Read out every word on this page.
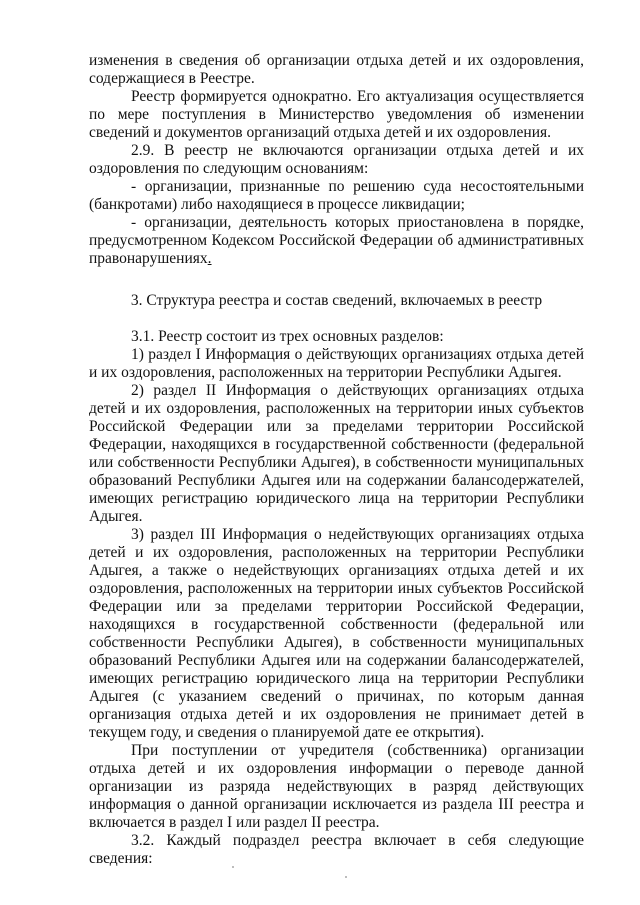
изменения в сведения об организации отдыха детей и их оздоровления, содержащиеся в Реестре.

Реестр формируется однократно. Его актуализация осуществляется по мере поступления в Министерство уведомления об изменении сведений и документов организаций отдыха детей и их оздоровления.

2.9. В реестр не включаются организации отдыха детей и их оздоровления по следующим основаниям:

- организации, признанные по решению суда несостоятельными (банкротами) либо находящиеся в процессе ликвидации;

- организации, деятельность которых приостановлена в порядке, предусмотренном Кодексом Российской Федерации об административных правонарушениях.

3. Структура реестра и состав сведений, включаемых в реестр

3.1. Реестр состоит из трех основных разделов:

1) раздел I Информация о действующих организациях отдыха детей и их оздоровления, расположенных на территории Республики Адыгея.

2) раздел II Информация о действующих организациях отдыха детей и их оздоровления, расположенных на территории иных субъектов Российской Федерации или за пределами территории Российской Федерации, находящихся в государственной собственности (федеральной или собственности Республики Адыгея), в собственности муниципальных образований Республики Адыгея или на содержании балансодержателей, имеющих регистрацию юридического лица на территории Республики Адыгея.

3) раздел III Информация о недействующих организациях отдыха детей и их оздоровления, расположенных на территории Республики Адыгея, а также о недействующих организациях отдыха детей и их оздоровления, расположенных на территории иных субъектов Российской Федерации или за пределами территории Российской Федерации, находящихся в государственной собственности (федеральной или собственности Республики Адыгея), в собственности муниципальных образований Республики Адыгея или на содержании балансодержателей, имеющих регистрацию юридического лица на территории Республики Адыгея (с указанием сведений о причинах, по которым данная организация отдыха детей и их оздоровления не принимает детей в текущем году, и сведения о планируемой дате ее открытия).

При поступлении от учредителя (собственника) организации отдыха детей и их оздоровления информации о переводе данной организации из разряда недействующих в разряд действующих информация о данной организации исключается из раздела III реестра и включается в раздел I или раздел II реестра.

3.2. Каждый подраздел реестра включает в себя следующие сведения:
